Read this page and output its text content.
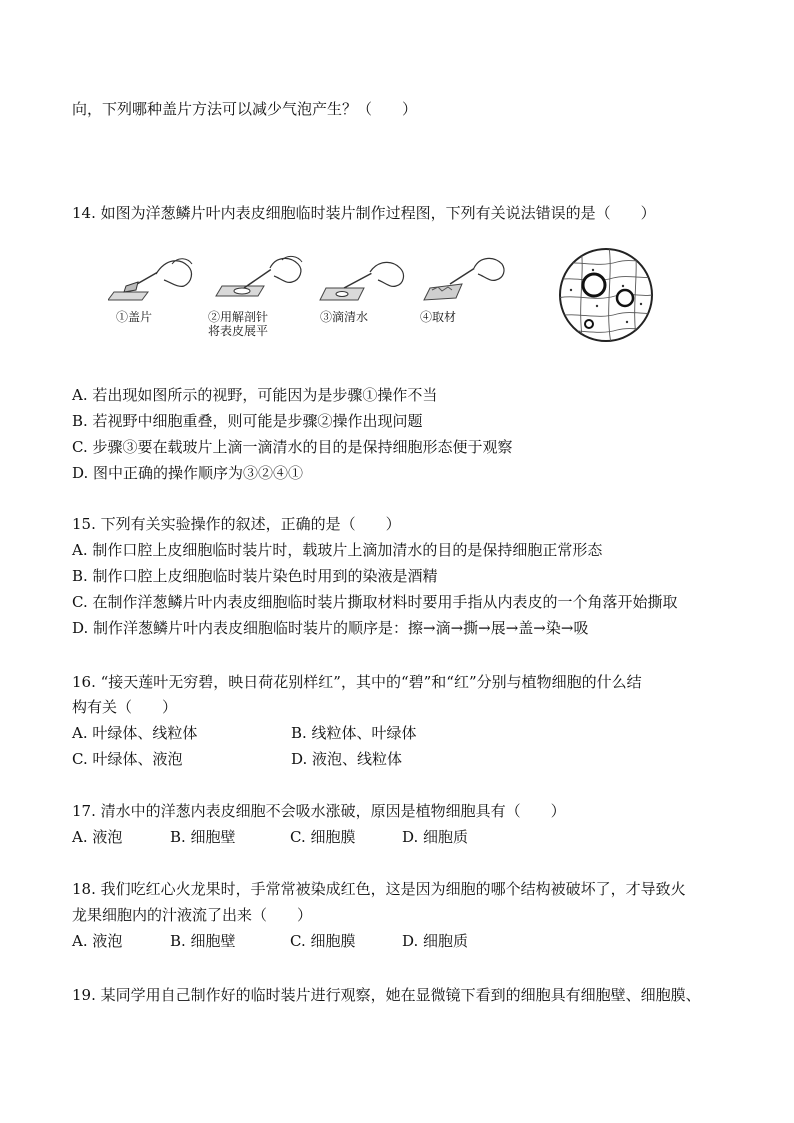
向，下列哪种盖片方法可以减少气泡产生？（　　）
14. 如图为洋葱鳞片叶内表皮细胞临时装片制作过程图，下列有关说法错误的是（　　）
①盖片	②用解剖针
将表皮展平
③滴清水	④取材
A. 若出现如图所示的视野，可能因为是步骤①操作不当
B. 若视野中细胞重叠，则可能是步骤②操作出现问题
C. 步骤③要在载玻片上滴一滴清水的目的是保持细胞形态便于观察
D. 图中正确的操作顺序为③②④①
15. 下列有关实验操作的叙述，正确的是（　　）
A. 制作口腔上皮细胞临时装片时，载玻片上滴加清水的目的是保持细胞正常形态
B. 制作口腔上皮细胞临时装片染色时用到的染液是酒精
C. 在制作洋葱鳞片叶内表皮细胞临时装片撕取材料时要用手指从内表皮的一个角落开始撕取
D. 制作洋葱鳞片叶内表皮细胞临时装片的顺序是：擦→滴→撕→展→盖→染→吸
16. “接天莲叶无穷碧，映日荷花别样红”，其中的“碧”和“红”分别与植物细胞的什么结
构有关（　　）
A. 叶绿体、线粒体	B. 线粒体、叶绿体
C. 叶绿体、液泡	D. 液泡、线粒体
17. 清水中的洋葱内表皮细胞不会吸水涨破，原因是植物细胞具有（　　）
A. 液泡	B. 细胞壁	C. 细胞膜	D. 细胞质
18. 我们吃红心火龙果时，手常常被染成红色，这是因为细胞的哪个结构被破坏了，才导致火
龙果细胞内的汁液流了出来（　　）
A. 液泡	B. 细胞壁	C. 细胞膜	D. 细胞质
19. 某同学用自己制作好的临时装片进行观察，她在显微镜下看到的细胞具有细胞壁、细胞膜、
